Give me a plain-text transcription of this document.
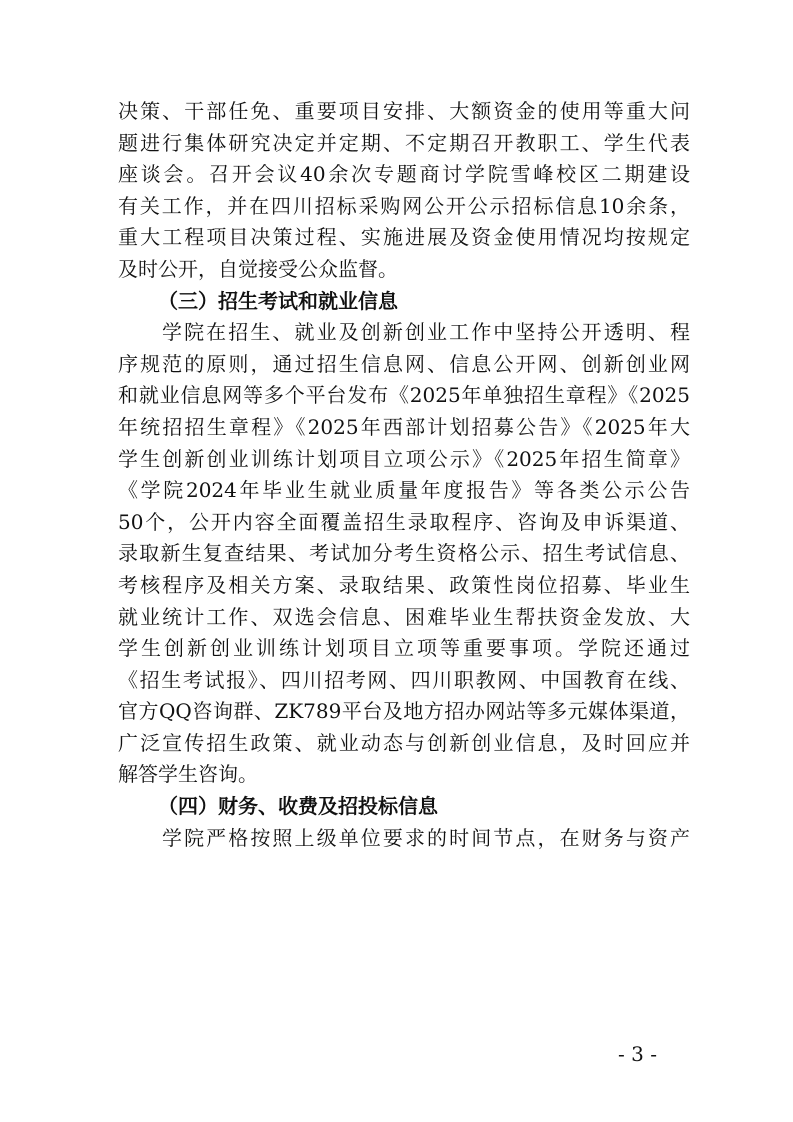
决策、干部任免、重要项目安排、大额资金的使用等重大问
题进行集体研究决定并定期、不定期召开教职工、学生代表
座谈会。召开会议40余次专题商讨学院雪峰校区二期建设
有关工作，并在四川招标采购网公开公示招标信息10余条，
重大工程项目决策过程、实施进展及资金使用情况均按规定
及时公开，自觉接受公众监督。
（三）招生考试和就业信息
学院在招生、就业及创新创业工作中坚持公开透明、程
序规范的原则，通过招生信息网、信息公开网、创新创业网
和就业信息网等多个平台发布《2025年单独招生章程》《2025
年统招招生章程》《2025年西部计划招募公告》《2025年大
学生创新创业训练计划项目立项公示》《2025年招生简章》
《学院2024年毕业生就业质量年度报告》等各类公示公告
50个，公开内容全面覆盖招生录取程序、咨询及申诉渠道、
录取新生复查结果、考试加分考生资格公示、招生考试信息、
考核程序及相关方案、录取结果、政策性岗位招募、毕业生
就业统计工作、双选会信息、困难毕业生帮扶资金发放、大
学生创新创业训练计划项目立项等重要事项。学院还通过
《招生考试报》、四川招考网、四川职教网、中国教育在线、
官方QQ咨询群、ZK789平台及地方招办网站等多元媒体渠道，
广泛宣传招生政策、就业动态与创新创业信息，及时回应并
解答学生咨询。
（四）财务、收费及招投标信息
学院严格按照上级单位要求的时间节点，在财务与资产
- 3 -
